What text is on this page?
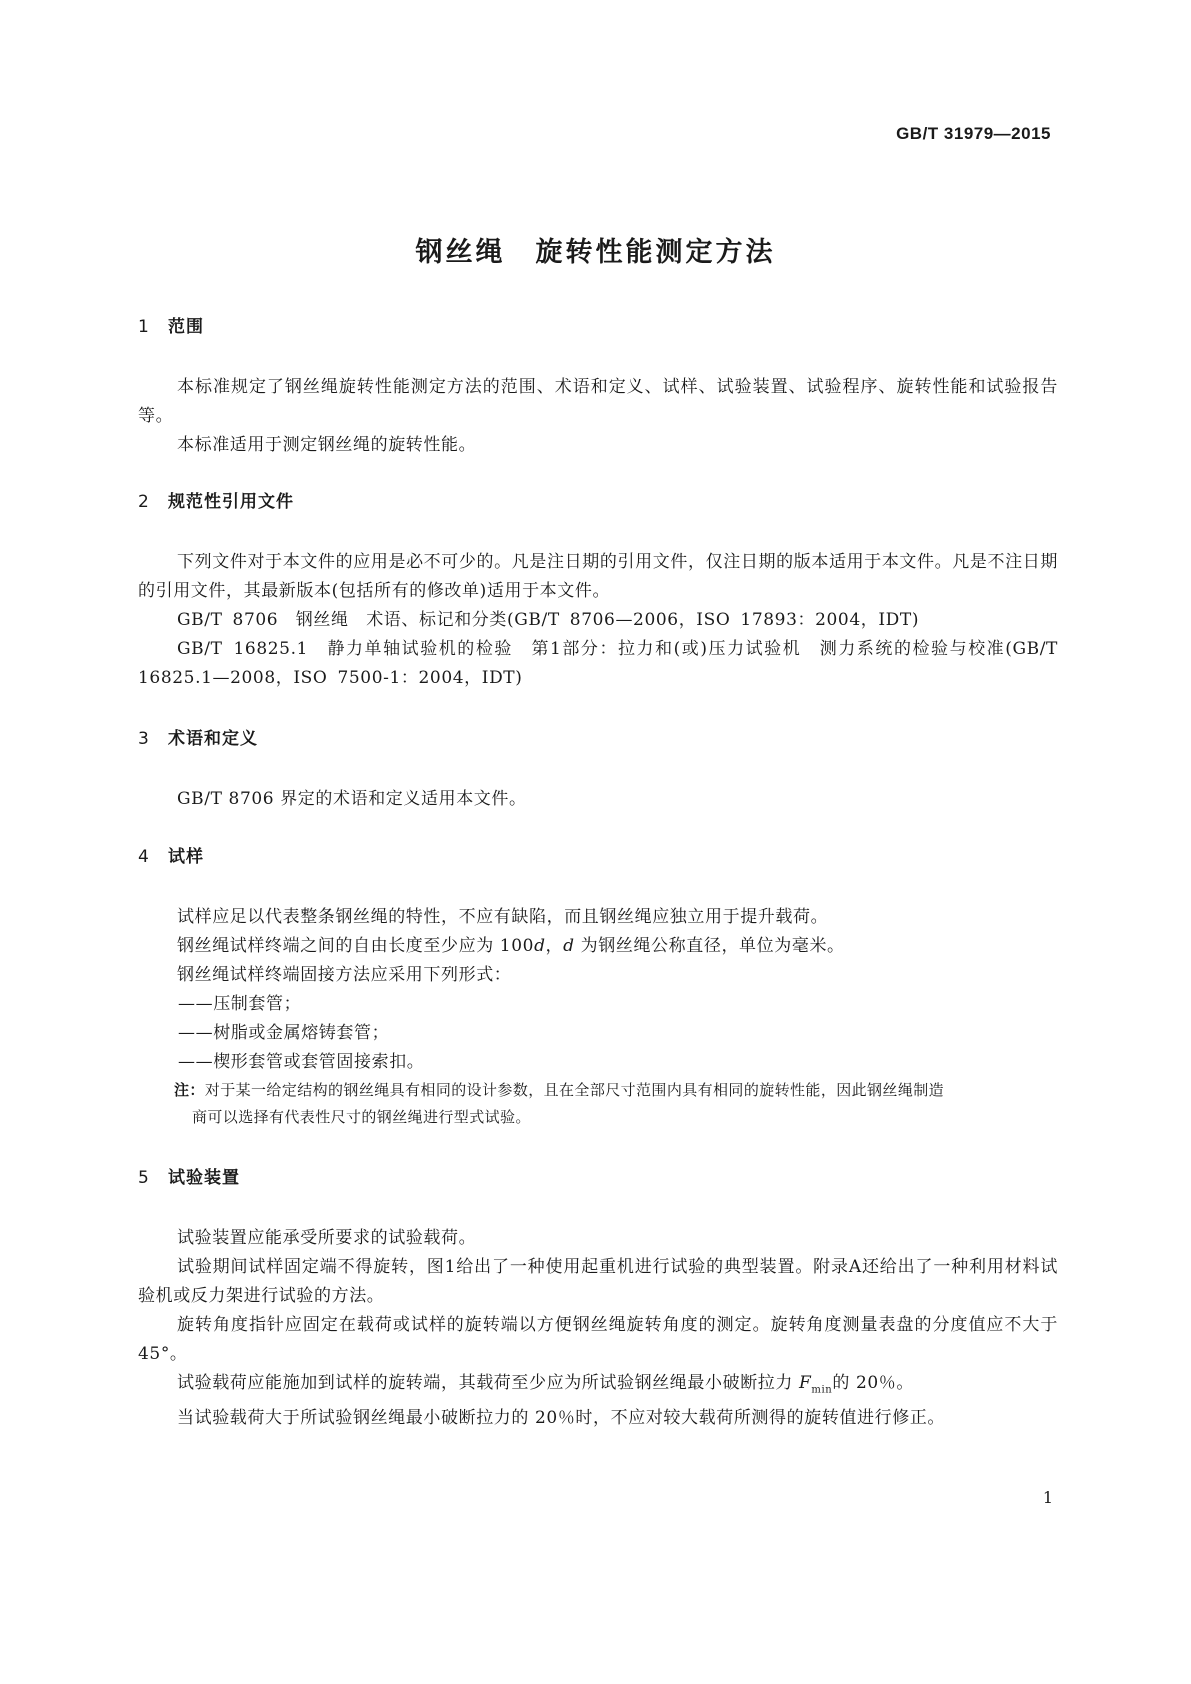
GB/T 31979—2015
钢丝绳　旋转性能测定方法
1 范围

本标准规定了钢丝绳旋转性能测定方法的范围、术语和定义、试样、试验装置、试验程序、旋转性能和试验报告等。

本标准适用于测定钢丝绳的旋转性能。

2 规范性引用文件

下列文件对于本文件的应用是必不可少的。凡是注日期的引用文件，仅注日期的版本适用于本文件。凡是不注日期的引用文件，其最新版本(包括所有的修改单)适用于本文件。

GB/T 8706　钢丝绳　术语、标记和分类(GB/T 8706—2006，ISO 17893：2004，IDT)

GB/T 16825.1　静力单轴试验机的检验　第1部分：拉力和(或)压力试验机　测力系统的检验与校准(GB/T 16825.1—2008，ISO 7500-1：2004，IDT)

3 术语和定义

GB/T 8706 界定的术语和定义适用本文件。

4 试样

试样应足以代表整条钢丝绳的特性，不应有缺陷，而且钢丝绳应独立用于提升载荷。

钢丝绳试样终端之间的自由长度至少应为 100d，d 为钢丝绳公称直径，单位为毫米。

钢丝绳试样终端固接方法应采用下列形式：

——压制套管；

——树脂或金属熔铸套管；

——楔形套管或套管固接索扣。

注：对于某一给定结构的钢丝绳具有相同的设计参数，且在全部尺寸范围内具有相同的旋转性能，因此钢丝绳制造
商可以选择有代表性尺寸的钢丝绳进行型式试验。

5 试验装置

试验装置应能承受所要求的试验载荷。

试验期间试样固定端不得旋转，图1给出了一种使用起重机进行试验的典型装置。附录A还给出了一种利用材料试验机或反力架进行试验的方法。

旋转角度指针应固定在载荷或试样的旋转端以方便钢丝绳旋转角度的测定。旋转角度测量表盘的分度值应不大于 45°。

试验载荷应能施加到试样的旋转端，其载荷至少应为所试验钢丝绳最小破断拉力 $F_{min}$的 20％。

当试验载荷大于所试验钢丝绳最小破断拉力的 20％时，不应对较大载荷所测得的旋转值进行修正。

1
